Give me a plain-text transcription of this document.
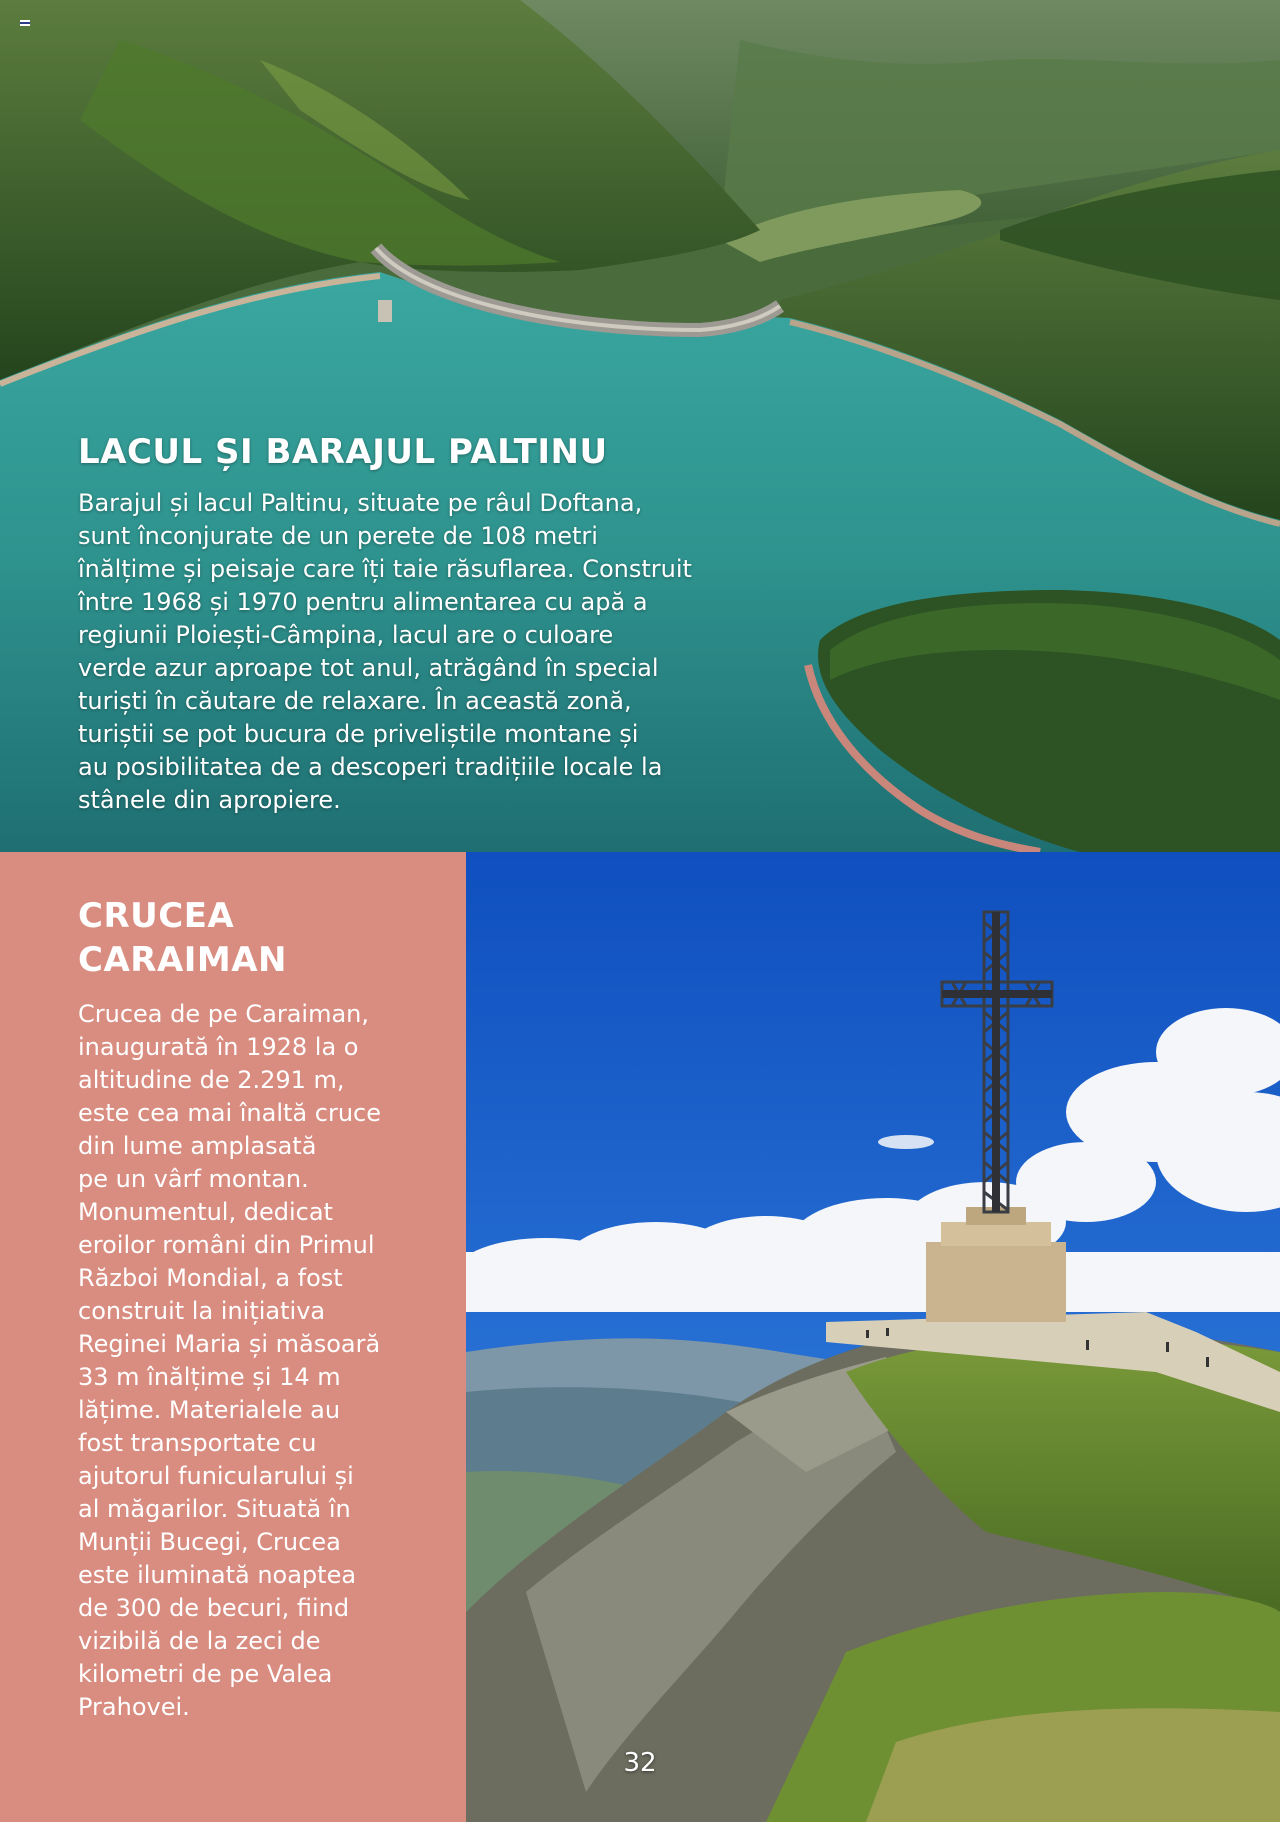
LACUL ȘI BARAJUL PALTINU

Barajul și lacul Paltinu, situate pe râul Doftana,
sunt înconjurate de un perete de 108 metri
înălțime și peisaje care îți taie răsuflarea. Construit
între 1968 și 1970 pentru alimentarea cu apă a
regiunii Ploiești-Câmpina, lacul are o culoare
verde azur aproape tot anul, atrăgând în special
turiști în căutare de relaxare. În această zonă,
turiștii se pot bucura de priveliștile montane și
au posibilitatea de a descoperi tradițiile locale la
stânele din apropiere.

CRUCEA
CARAIMAN

Crucea de pe Caraiman,
inaugurată în 1928 la o
altitudine de 2.291 m,
este cea mai înaltă cruce
din lume amplasată
pe un vârf montan.
Monumentul, dedicat
eroilor români din Primul
Război Mondial, a fost
construit la inițiativa
Reginei Maria și măsoară
33 m înălțime și 14 m
lățime. Materialele au
fost transportate cu
ajutorul funicularului și
al măgarilor. Situată în
Munții Bucegi, Crucea
este iluminată noaptea
de 300 de becuri, fiind
vizibilă de la zeci de
kilometri de pe Valea
Prahovei.

32
